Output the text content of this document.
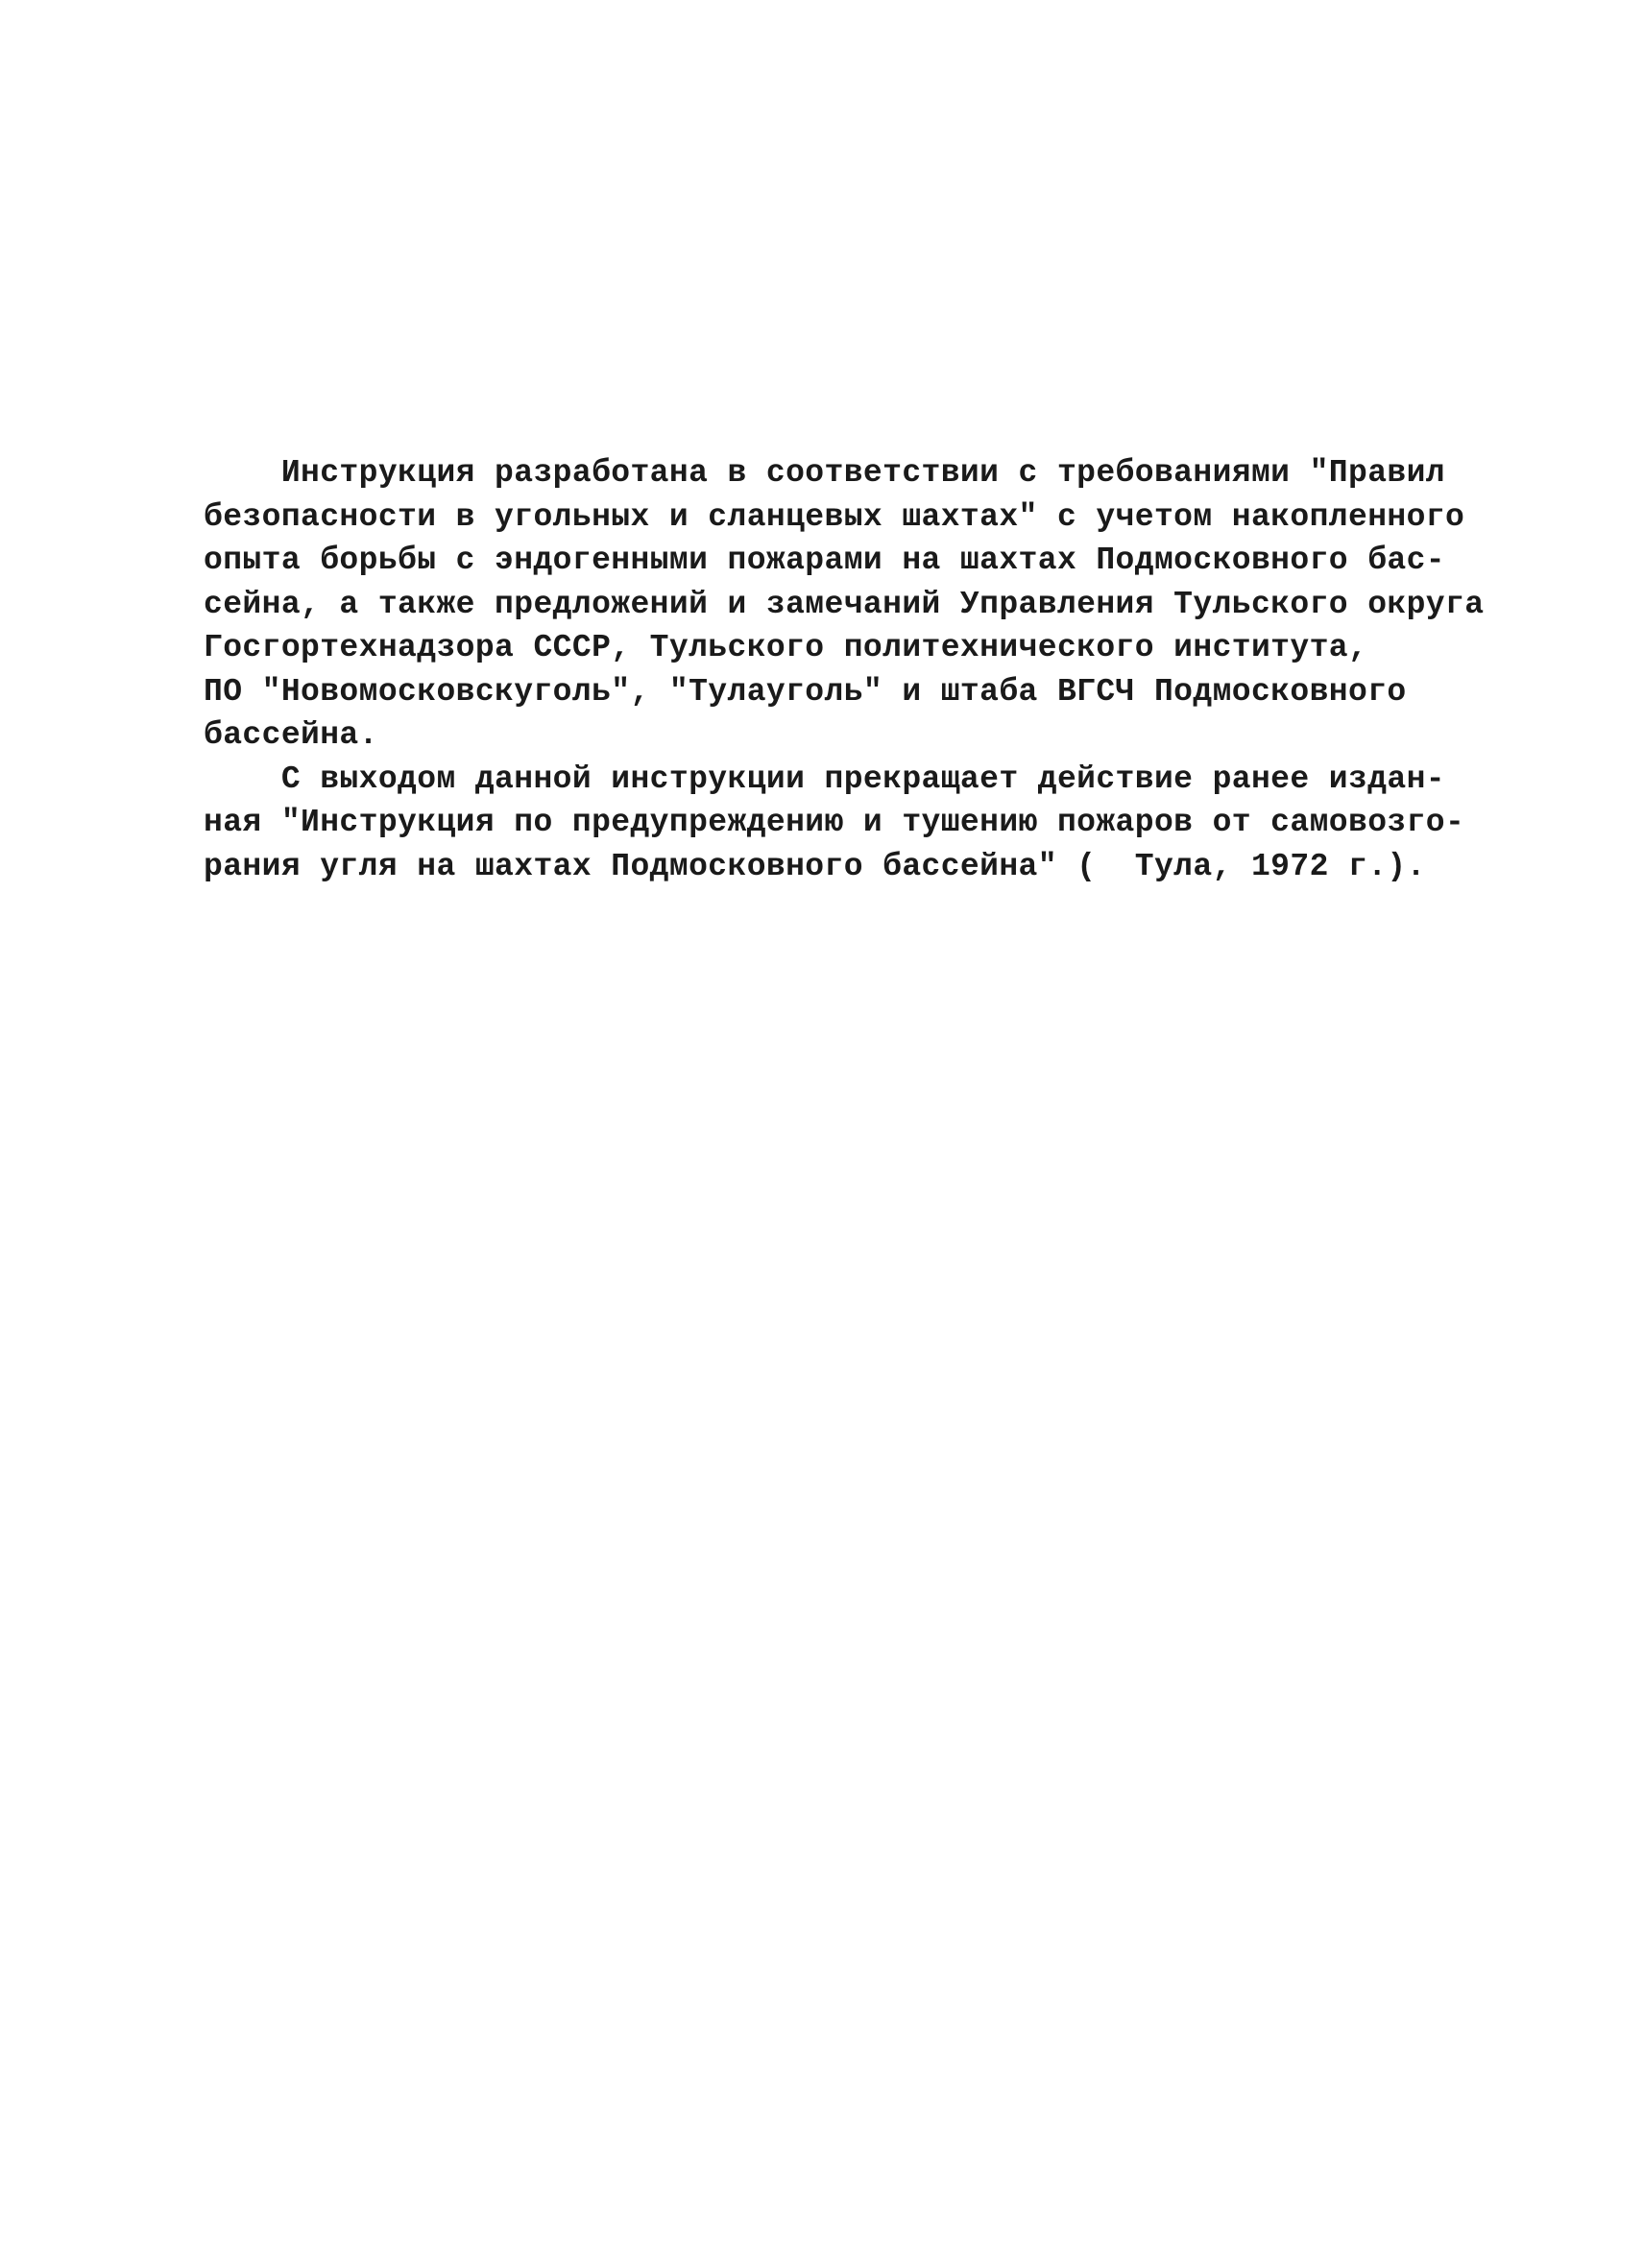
Инструкция разработана в соответствии с требованиями "Правил
безопасности в угольных и сланцевых шахтах" с учетом накопленного
опыта борьбы с эндогенными пожарами на шахтах Подмосковного бас-
сейна, а также предложений и замечаний Управления Тульского округа
Госгортехнадзора СССР, Тульского политехнического института,
ПО "Новомосковскуголь", "Тулауголь" и штаба ВГСЧ Подмосковного
бассейна.
С выходом данной инструкции прекращает действие ранее издан-
ная "Инструкция по предупреждению и тушению пожаров от самовозго-
рания угля на шахтах Подмосковного бассейна" (  Тула, 1972 г.).
